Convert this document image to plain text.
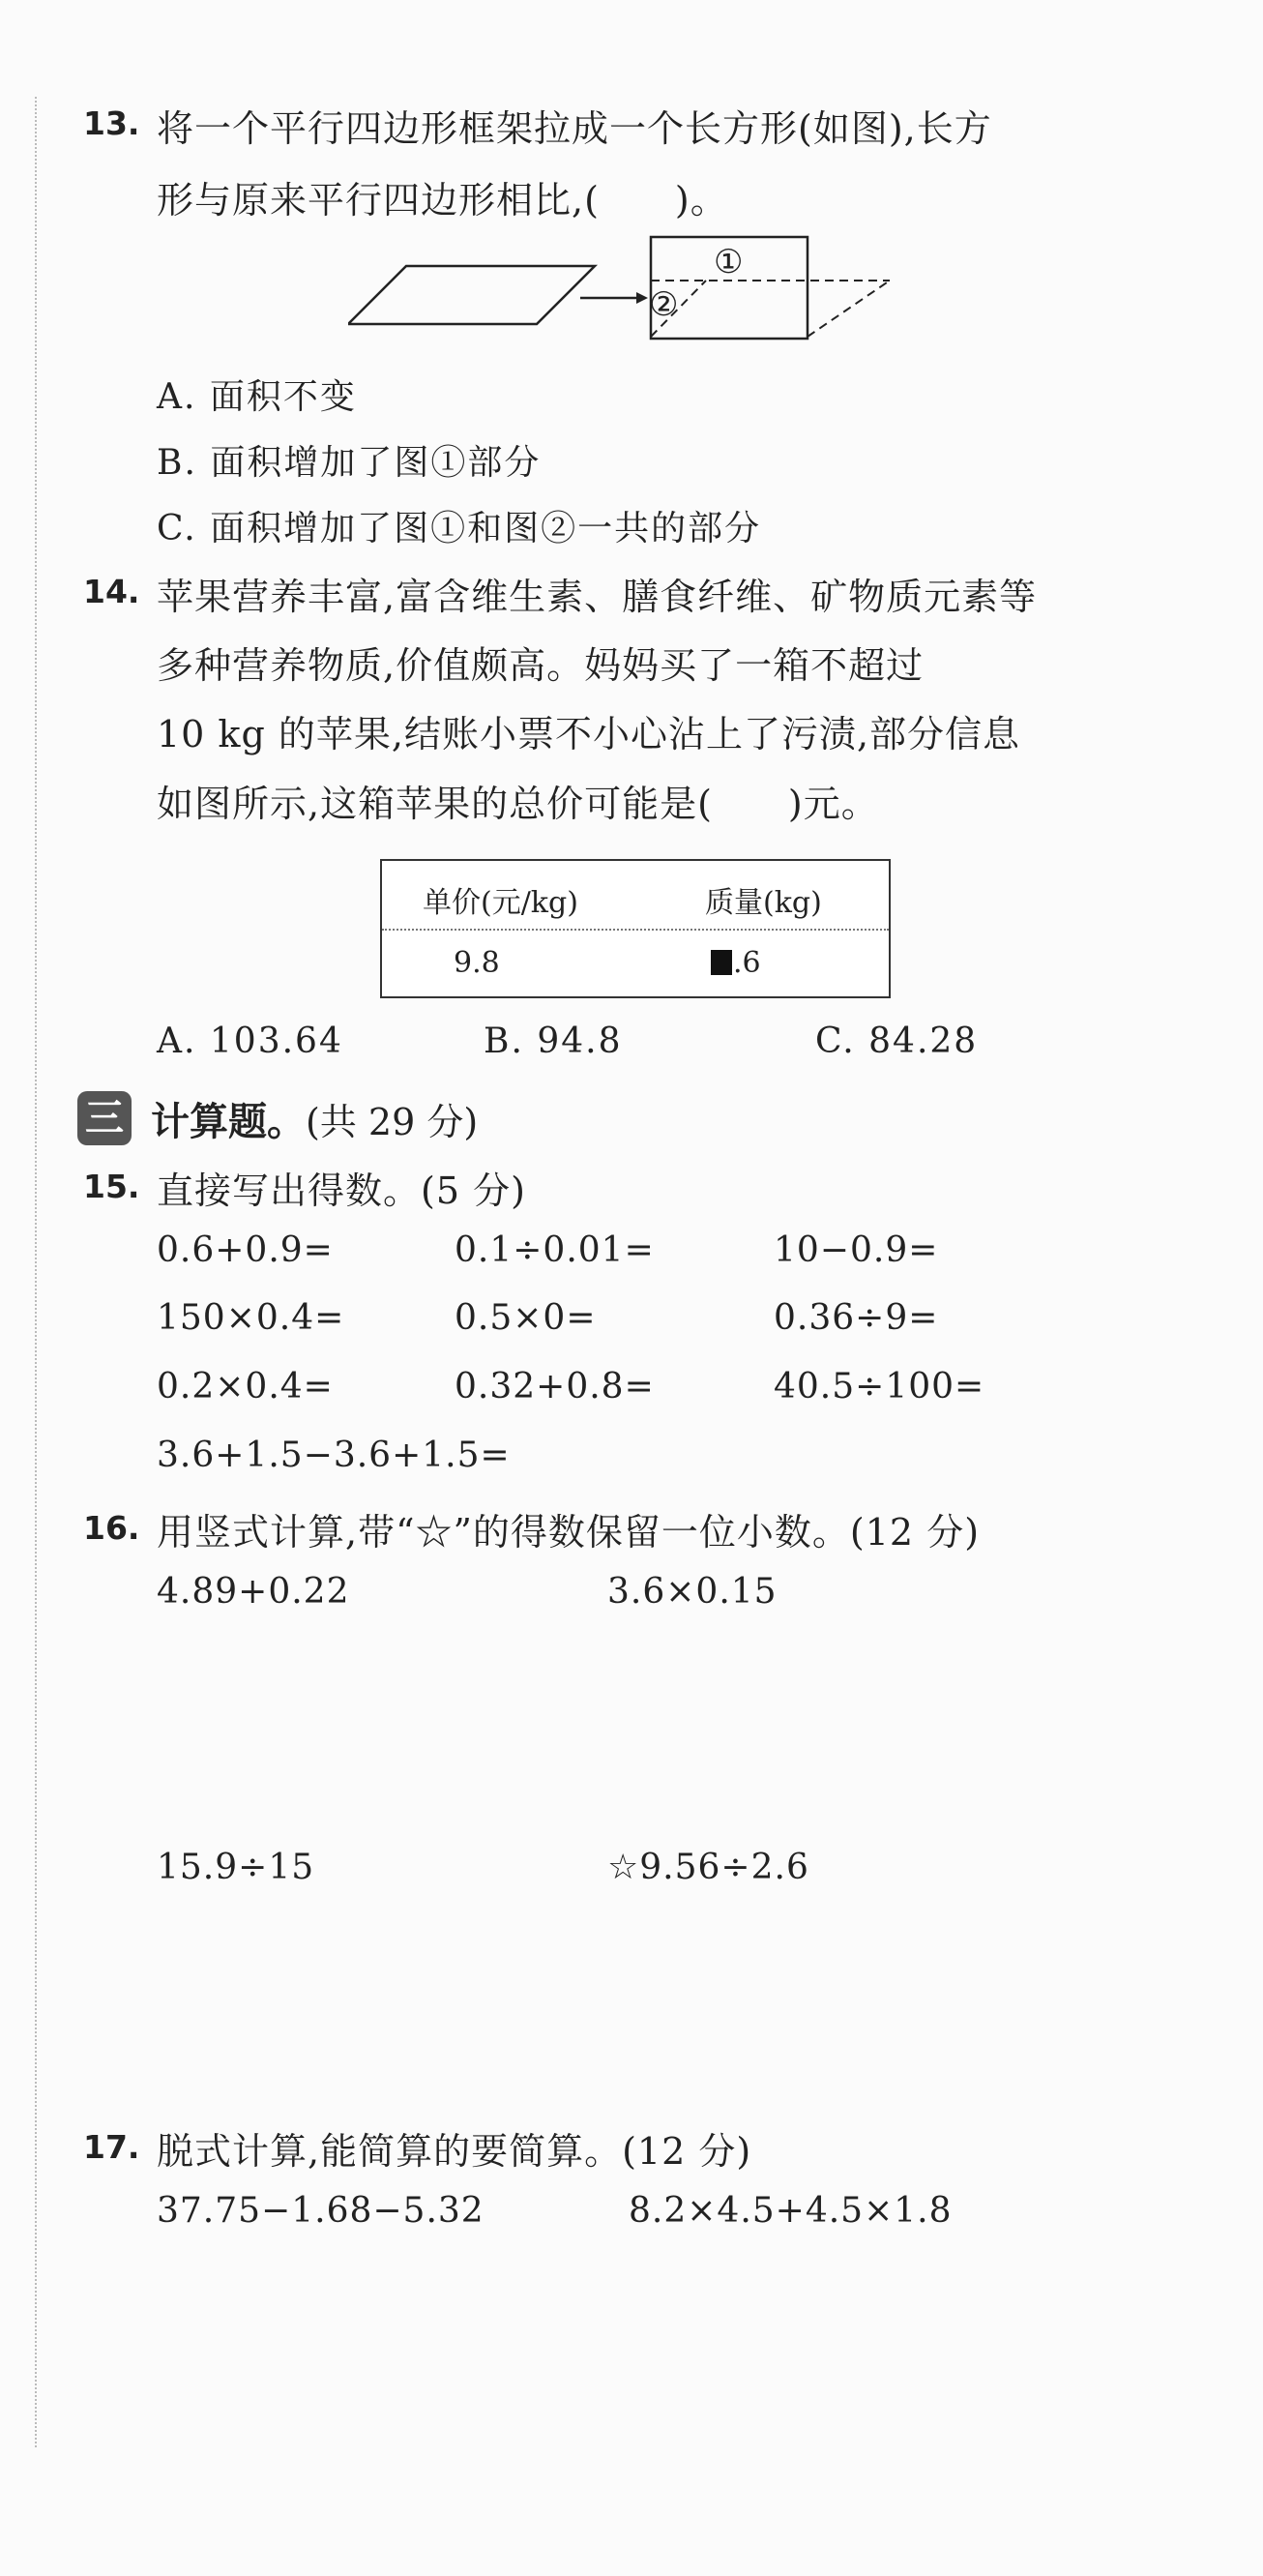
13. 将一个平行四边形框架拉成一个长方形(如图),长方
形与原来平行四边形相比,(　　)。
①
②
A. 面积不变
B. 面积增加了图①部分
C. 面积增加了图①和图②一共的部分
14. 苹果营养丰富,富含维生素、膳食纤维、矿物质元素等
多种营养物质,价值颇高。妈妈买了一箱不超过
10 kg 的苹果,结账小票不小心沾上了污渍,部分信息
如图所示,这箱苹果的总价可能是(　　)元。
单价(元/kg)	质量(kg)
9.8	.6
A. 103.64	B. 94.8	C. 84.28
三 计算题。(共 29 分)
15. 直接写出得数。(5 分)
0.6+0.9=	0.1÷0.01=	10−0.9=
150×0.4=	0.5×0=	0.36÷9=
0.2×0.4=	0.32+0.8=	40.5÷100=
3.6+1.5−3.6+1.5=
16. 用竖式计算,带“☆”的得数保留一位小数。(12 分)
4.89+0.22	3.6×0.15
15.9÷15	☆9.56÷2.6
17. 脱式计算,能简算的要简算。(12 分)
37.75−1.68−5.32	8.2×4.5+4.5×1.8
